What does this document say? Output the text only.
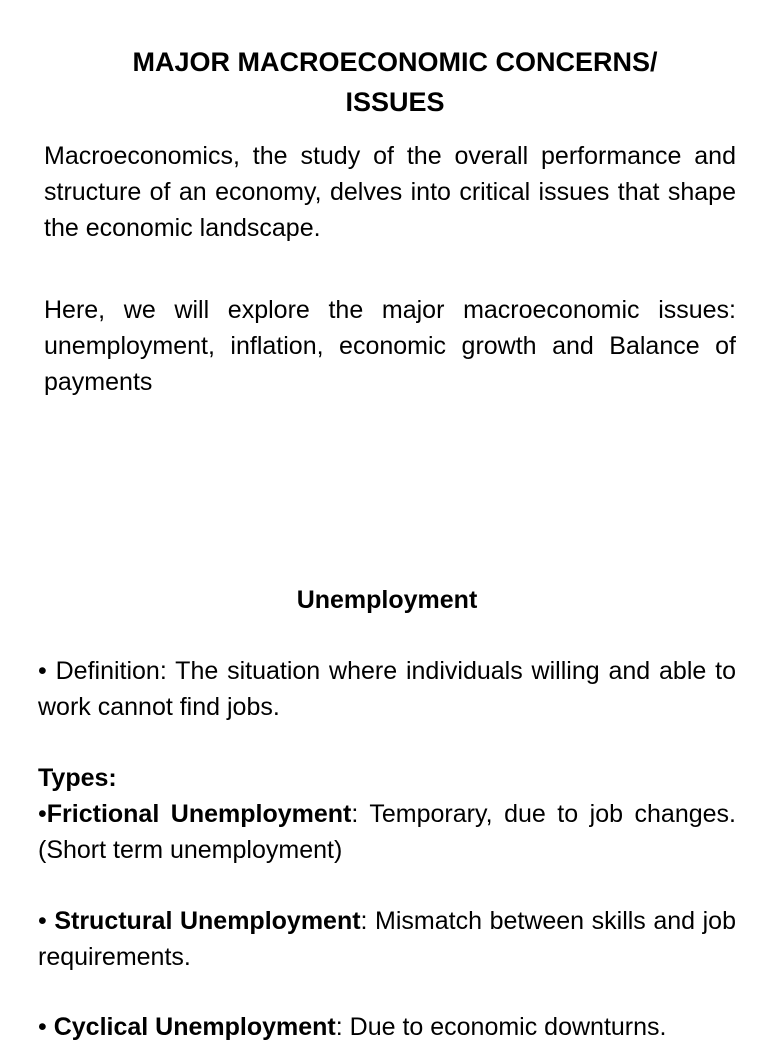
MAJOR MACROECONOMIC CONCERNS/ ISSUES

Macroeconomics, the study of the overall performance and structure of an economy, delves into critical issues that shape the economic landscape.

Here, we will explore the major macroeconomic issues: unemployment, inflation, economic growth and Balance of payments

Unemployment

• Definition: The situation where individuals willing and able to work cannot find jobs.

Types:

•Frictional Unemployment: Temporary, due to job changes. (Short term unemployment)

• Structural Unemployment: Mismatch between skills and job requirements.

• Cyclical Unemployment: Due to economic downturns.
